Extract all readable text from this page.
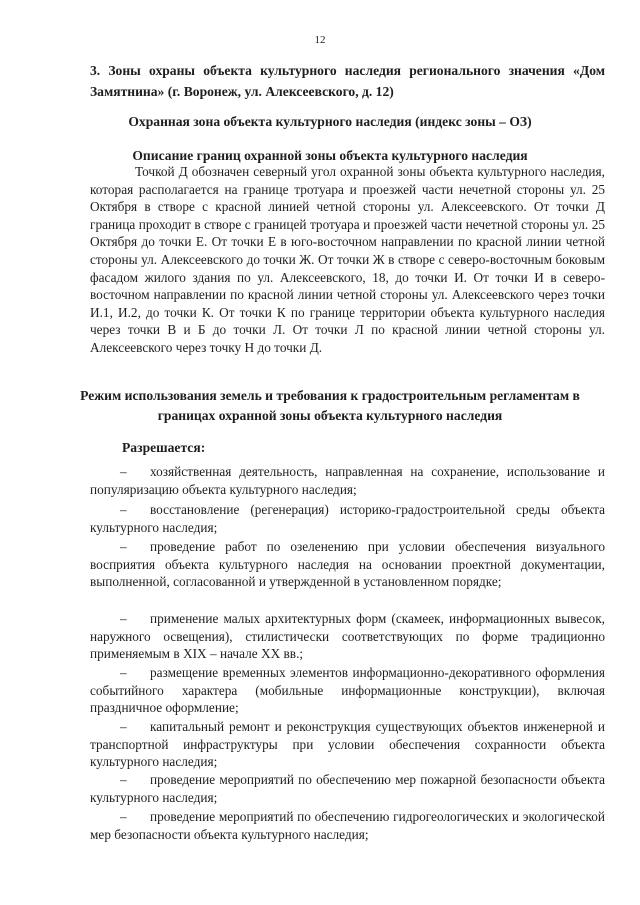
12
3. Зоны охраны объекта культурного наследия регионального значения «Дом Замятнина» (г. Воронеж, ул. Алексеевского, д. 12)
Охранная зона объекта культурного наследия (индекс зоны – ОЗ)
Описание границ охранной зоны объекта культурного наследия
Точкой Д обозначен северный угол охранной зоны объекта культурного наследия, которая располагается на границе тротуара и проезжей части нечетной стороны ул. 25 Октября в створе с красной линией четной стороны ул. Алексеевского. От точки Д граница проходит в створе с границей тротуара и проезжей части нечетной стороны ул. 25 Октября до точки Е. От точки Е в юго-восточном направлении по красной линии четной стороны ул. Алексеевского до точки Ж. От точки Ж в створе с северо-восточным боковым фасадом жилого здания по ул. Алексеевского, 18, до точки И. От точки И в северо-восточном направлении по красной линии четной стороны ул. Алексеевского через точки И.1, И.2, до точки К. От точки К по границе территории объекта культурного наследия через точки В и Б до точки Л. От точки Л по красной линии четной стороны ул. Алексеевского через точку Н до точки Д.
Режим использования земель и требования к градостроительным регламентам в границах охранной зоны объекта культурного наследия
Разрешается:
– хозяйственная деятельность, направленная на сохранение, использование и популяризацию объекта культурного наследия;
– восстановление (регенерация) историко-градостроительной среды объекта культурного наследия;
– проведение работ по озеленению при условии обеспечения визуального восприятия объекта культурного наследия на основании проектной документации, выполненной, согласованной и утвержденной в установленном порядке;
– применение малых архитектурных форм (скамеек, информационных вывесок, наружного освещения), стилистически соответствующих по форме традиционно применяемым в XIX – начале XX вв.;
– размещение временных элементов информационно-декоративного оформления событийного характера (мобильные информационные конструкции), включая праздничное оформление;
– капитальный ремонт и реконструкция существующих объектов инженерной и транспортной инфраструктуры при условии обеспечения сохранности объекта культурного наследия;
– проведение мероприятий по обеспечению мер пожарной безопасности объекта культурного наследия;
– проведение мероприятий по обеспечению гидрогеологических и экологической мер безопасности объекта культурного наследия;
